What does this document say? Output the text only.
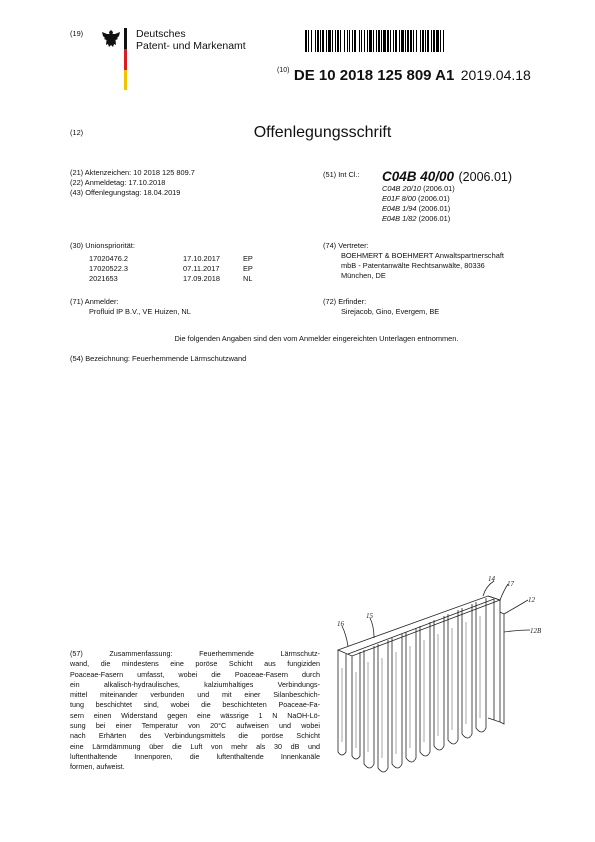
(19)	Deutsches
Patent- und Markenamt
$^{(10)}$ DE 10 2018 125 809 A1 2019.04.18
(12)	Offenlegungsschrift
(21) Aktenzeichen: 10 2018 125 809.7
(22) Anmeldetag: 17.10.2018
(43) Offenlegungstag: 18.04.2019
(51) Int Cl.: C04B 40/00 (2006.01)
C04B 20/10 (2006.01)
E01F 8/00 (2006.01)
E04B 1/94 (2006.01)
E04B 1/82 (2006.01)
(30) Unionspriorität:
17020476.2	17.10.2017	EP
17020522.3	07.11.2017	EP
2021653	17.09.2018	NL
(74) Vertreter:
BOEHMERT & BOEHMERT Anwaltspartnerschaft
mbB - Patentanwälte Rechtsanwälte, 80336
München, DE
(71) Anmelder:
Profluid IP B.V., VE Huizen, NL
(72) Erfinder:
Sirejacob, Gino, Evergem, BE
Die folgenden Angaben sind den vom Anmelder eingereichten Unterlagen entnommen.
(54) Bezeichnung: Feuerhemmende Lärmschutzwand
(57) Zusammenfassung: Feuerhemmende Lärmschutz-
wand, die mindestens eine poröse Schicht aus fungiziden
Poaceae-Fasern umfasst, wobei die Poaceae-Fasern durch
ein alkalisch-hydraulisches, kalziumhaltiges Verbindungs-
mittel miteinander verbunden und mit einer Silanbeschich-
tung beschichtet sind, wobei die beschichteten Poaceae-Fa-
sern einen Widerstand gegen eine wässrige 1 N NaOH-Lö-
sung bei einer Temperatur von 20°C aufweisen und wobei
nach Erhärten des Verbindungsmittels die poröse Schicht
eine Lärmdämmung über die Luft von mehr als 30 dB und
luftenthaltende Innenporen, die luftenthaltende Innenkanäle
formen, aufweist.
14
17
12
16
15
12B
